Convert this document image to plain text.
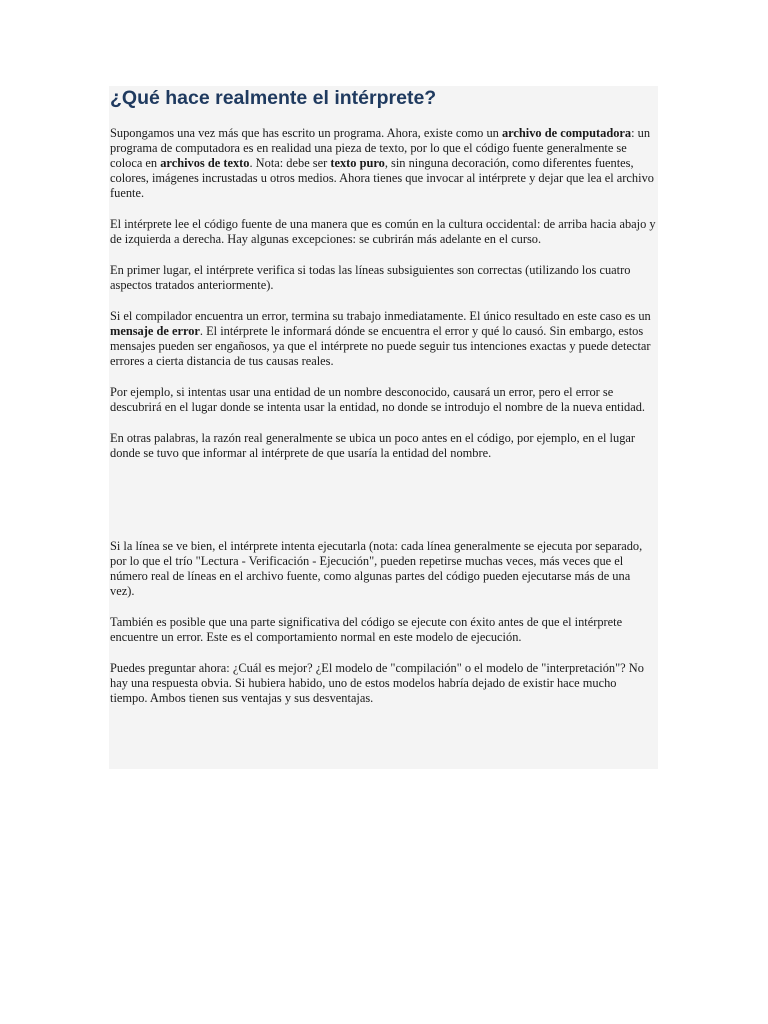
¿Qué hace realmente el intérprete?

Supongamos una vez más que has escrito un programa. Ahora, existe como un archivo de computadora: un programa de computadora es en realidad una pieza de texto, por lo que el código fuente generalmente se coloca en archivos de texto. Nota: debe ser texto puro, sin ninguna decoración, como diferentes fuentes, colores, imágenes incrustadas u otros medios. Ahora tienes que invocar al intérprete y dejar que lea el archivo fuente.

El intérprete lee el código fuente de una manera que es común en la cultura occidental: de arriba hacia abajo y de izquierda a derecha. Hay algunas excepciones: se cubrirán más adelante en el curso.

En primer lugar, el intérprete verifica si todas las líneas subsiguientes son correctas (utilizando los cuatro aspectos tratados anteriormente).

Si el compilador encuentra un error, termina su trabajo inmediatamente. El único resultado en este caso es un mensaje de error. El intérprete le informará dónde se encuentra el error y qué lo causó. Sin embargo, estos mensajes pueden ser engañosos, ya que el intérprete no puede seguir tus intenciones exactas y puede detectar errores a cierta distancia de tus causas reales.

Por ejemplo, si intentas usar una entidad de un nombre desconocido, causará un error, pero el error se descubrirá en el lugar donde se intenta usar la entidad, no donde se introdujo el nombre de la nueva entidad.

En otras palabras, la razón real generalmente se ubica un poco antes en el código, por ejemplo, en el lugar donde se tuvo que informar al intérprete de que usaría la entidad del nombre.

Si la línea se ve bien, el intérprete intenta ejecutarla (nota: cada línea generalmente se ejecuta por separado, por lo que el trío "Lectura - Verificación - Ejecución", pueden repetirse muchas veces, más veces que el número real de líneas en el archivo fuente, como algunas partes del código pueden ejecutarse más de una vez).

También es posible que una parte significativa del código se ejecute con éxito antes de que el intérprete encuentre un error. Este es el comportamiento normal en este modelo de ejecución.

Puedes preguntar ahora: ¿Cuál es mejor? ¿El modelo de "compilación" o el modelo de "interpretación"? No hay una respuesta obvia. Si hubiera habido, uno de estos modelos habría dejado de existir hace mucho tiempo. Ambos tienen sus ventajas y sus desventajas.
